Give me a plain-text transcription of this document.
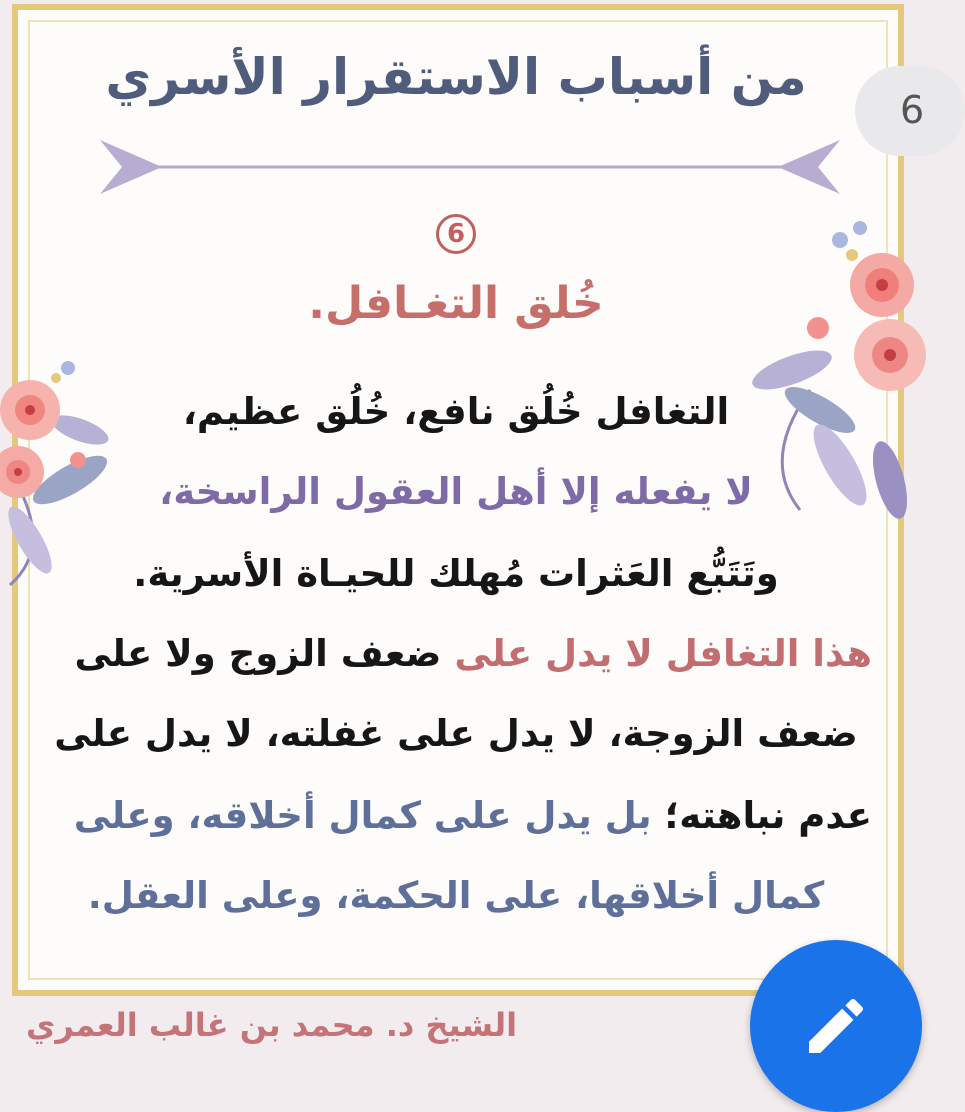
من أسباب الاستقرار الأسري
6
خُلق التغـافل.
التغافل خُلُق نافع، خُلُق عظيم،
لا يفعله إلا أهل العقول الراسخة،
وتَتَبُّع العَثرات مُهلك للحيـاة الأسرية.
هذا التغافل لا يدل على ضعف الزوج ولا على
ضعف الزوجة، لا يدل على غفلته، لا يدل على
عدم نباهته؛ بل يدل على كمال أخلاقه، وعلى
كمال أخلاقها، على الحكمة، وعلى العقل.
الشيخ د. محمد بن غالب العمري
6
